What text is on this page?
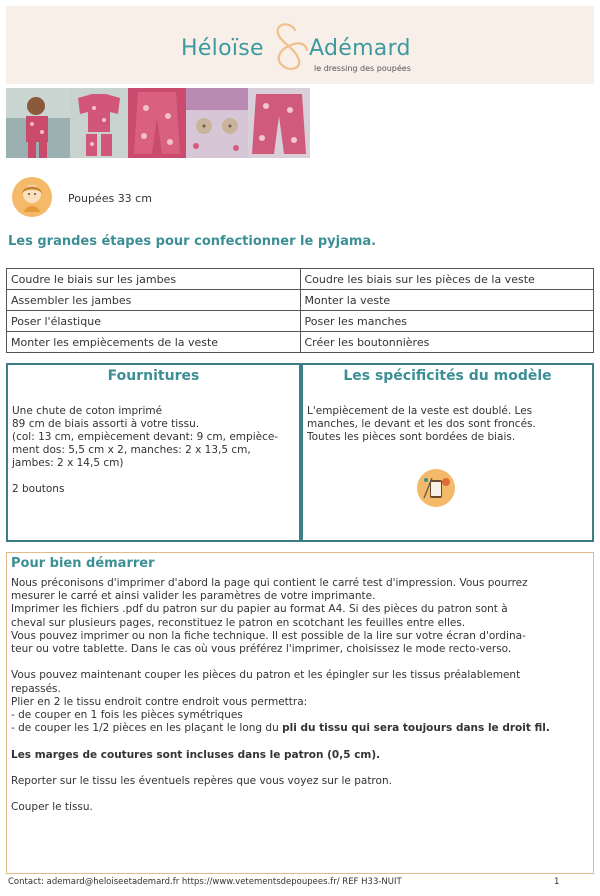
Héloïse Adémard
le dressing des poupées
Poupées 33 cm
Les grandes étapes pour confectionner le pyjama.
Coudre le biais sur les jambes	Coudre les biais sur les pièces de la veste
Assembler les jambes	Monter la veste
Poser l'élastique	Poser les manches
Monter les empiècements de la veste	Créer les boutonnières
Fournitures
Une chute de coton imprimé
89 cm de biais assorti à votre tissu.
(col: 13 cm, empiècement devant: 9 cm, empièce-
ment dos: 5,5 cm x 2, manches: 2 x 13,5 cm,
jambes: 2 x 14,5 cm)
2 boutons
Les spécificités du modèle
L'empiècement de la veste est doublé. Les
manches, le devant et les dos sont froncés.
Toutes les pièces sont bordées de biais.
Pour bien démarrer
Nous préconisons d'imprimer d'abord la page qui contient le carré test d'impression. Vous pourrez
mesurer le carré et ainsi valider les paramètres de votre imprimante.
Imprimer les fichiers .pdf du patron sur du papier au format A4. Si des pièces du patron sont à
cheval sur plusieurs pages, reconstituez le patron en scotchant les feuilles entre elles.
Vous pouvez imprimer ou non la fiche technique. Il est possible de la lire sur votre écran d'ordina-
teur ou votre tablette. Dans le cas où vous préférez l'imprimer, choisissez le mode recto-verso.
Vous pouvez maintenant couper les pièces du patron et les épingler sur les tissus préalablement
repassés.
Plier en 2 le tissu endroit contre endroit vous permettra:
- de couper en 1 fois les pièces symétriques
- de couper les 1/2 pièces en les plaçant le long du pli du tissu qui sera toujours dans le droit fil.
Les marges de coutures sont incluses dans le patron (0,5 cm).
Reporter sur le tissu les éventuels repères que vous voyez sur le patron.
Couper le tissu.
Contact: ademard@heloiseetademard.fr https://www.vetementsdepoupees.fr/ REF H33-NUIT	1
